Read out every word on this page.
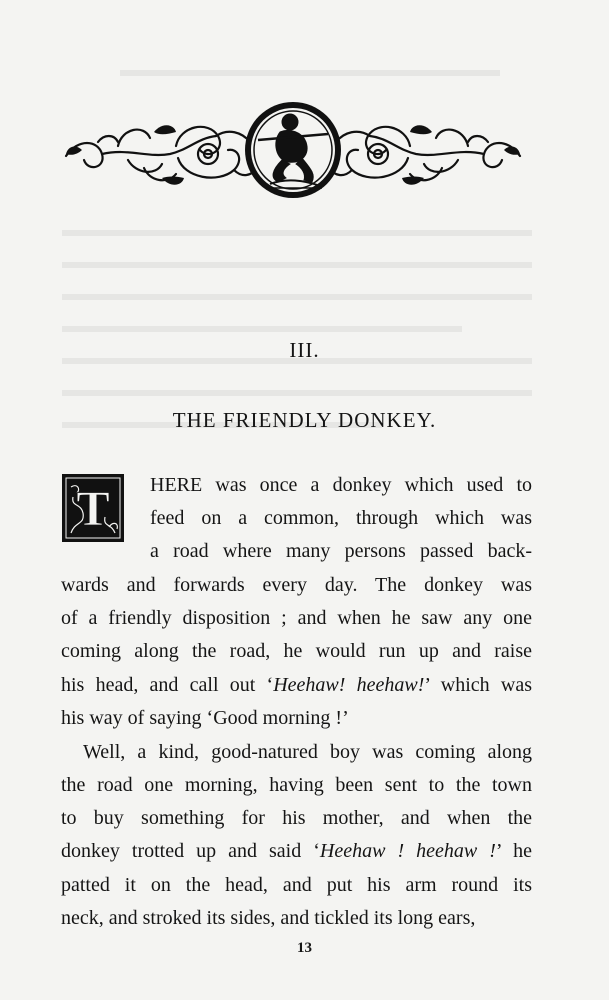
III.
THE FRIENDLY DONKEY.
T HERE was once a donkey which used to
feed on a common, through which was
a road where many persons passed back-
wards and forwards every day. The donkey was
of a friendly disposition ; and when he saw any one
coming along the road, he would run up and raise
his head, and call out ‘Heehaw! heehaw!’ which was
his way of saying ‘Good morning !’
Well, a kind, good-natured boy was coming along
the road one morning, having been sent to the town
to buy something for his mother, and when the
donkey trotted up and said ‘Heehaw ! heehaw !’ he
patted it on the head, and put his arm round its
neck, and stroked its sides, and tickled its long ears,
13
